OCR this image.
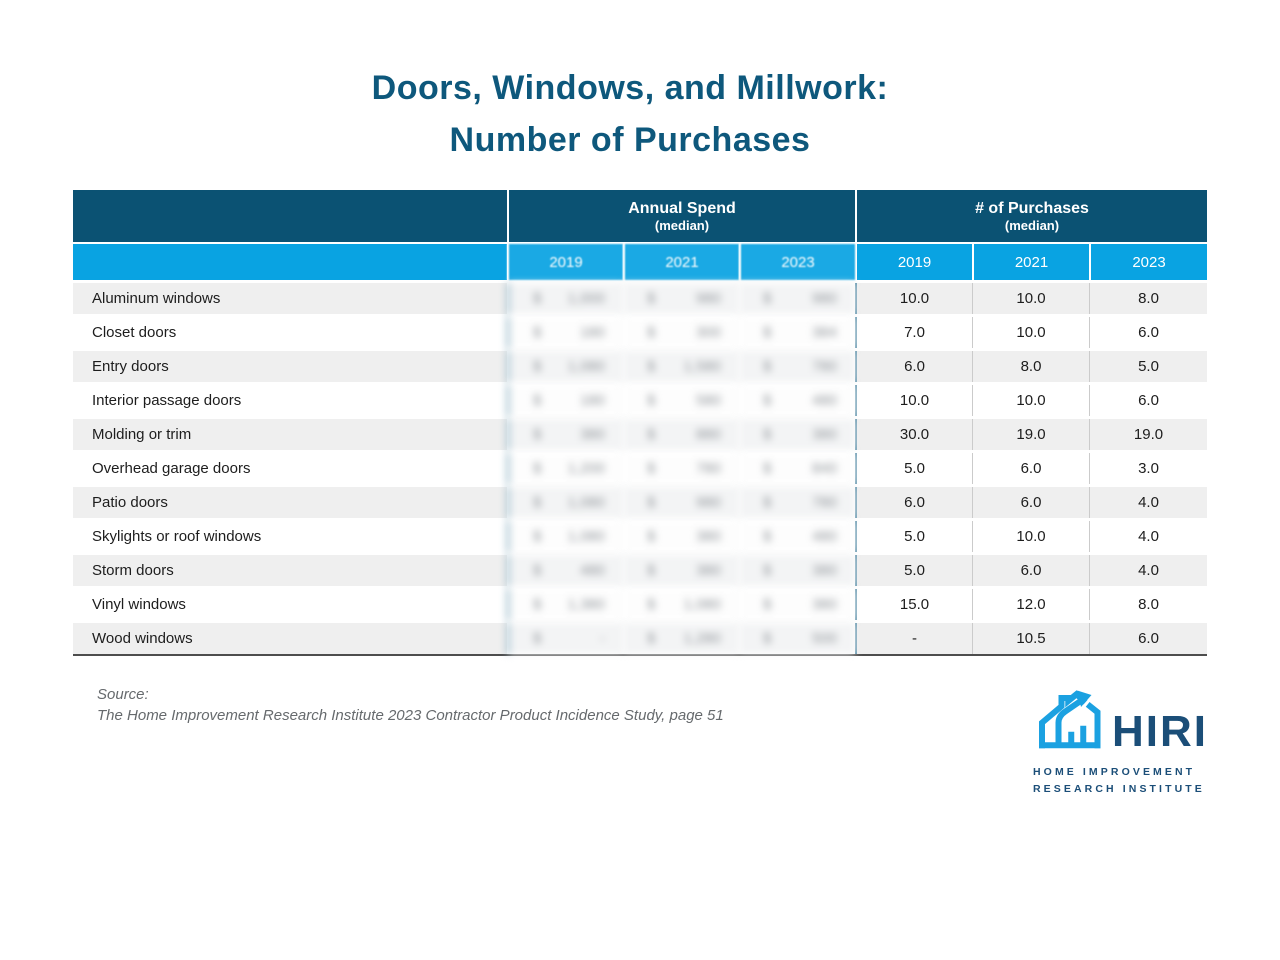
Doors, Windows, and Millwork:
Number of Purchases
Annual Spend
(median)
# of Purchases
(median)
2019	2021	2023	2019	2021	2023
Aluminum windows	$ 1,000	$	980	$	980	10.0	10.0	8.0
Closet doors	$	180	$	300	$	384	7.0	10.0	6.0
Entry doors	$ 1,080	$ 1,580	$	780	6.0	8.0	5.0
Interior passage doors	$	180	$	580	$	480	10.0	10.0	6.0
Molding or trim	$	380	$	880	$	380	30.0	19.0	19.0
Overhead garage doors	$ 1,200	$	780	$	840	5.0	6.0	3.0
Patio doors	$ 1,080	$	980	$	780	6.0	6.0	4.0
Skylights or roof windows	$ 1,080	$	380	$	480	5.0	10.0	4.0
Storm doors	$	480	$	380	$	380	5.0	6.0	4.0
Vinyl windows	$ 1,380	$ 1,080	$	380	15.0	12.0	8.0
Wood windows	$	-	$ 1,280	$	500	-	10.5	6.0
Source:
The Home Improvement Research Institute 2023 Contractor Product Incidence Study, page 51	HIRI
HOME IMPROVEMENT
RESEARCH INSTITUTE
